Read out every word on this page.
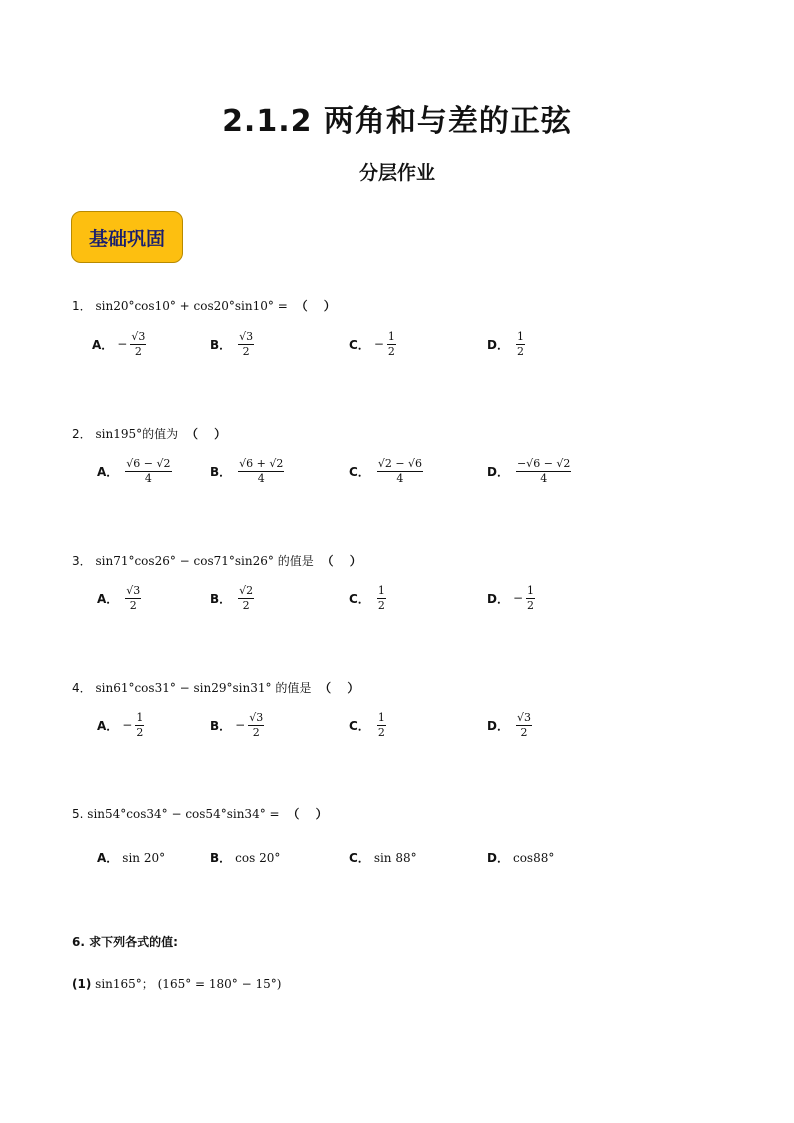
2.1.2 两角和与差的正弦
分层作业
基础巩固
1． sin20°cos10° + cos20°sin10° = （　 ）
A． − $\frac{√3}{2}$	B． $\frac{√3}{2}$	C． − $\frac{1}{2}$	D． $\frac{1}{2}$
2． sin195°的值为 （　 ）
A． $\frac{√6 - √2}{4}$	B． $\frac{√6 + √2}{4}$	C． $\frac{√2 - √6}{4}$	D． $\frac{-√6 - √2}{4}$
3． sin71°cos26° − cos71°sin26° 的值是 （　 ）
A． $\frac{√3}{2}$	B． $\frac{√2}{2}$	C． $\frac{1}{2}$	D． − $\frac{1}{2}$
4． sin61°cos31° − sin29°sin31° 的值是 （　 ）
A． − $\frac{1}{2}$	B． − $\frac{√3}{2}$	C． $\frac{1}{2}$	D． $\frac{√3}{2}$
5. sin54°cos34° − cos54°sin34° = （　 ）
A． sin 20°	B． cos 20°	C． sin 88°	D． cos88°
6. 求下列各式的值:
(1) sin165°； (165° = 180° − 15°)
